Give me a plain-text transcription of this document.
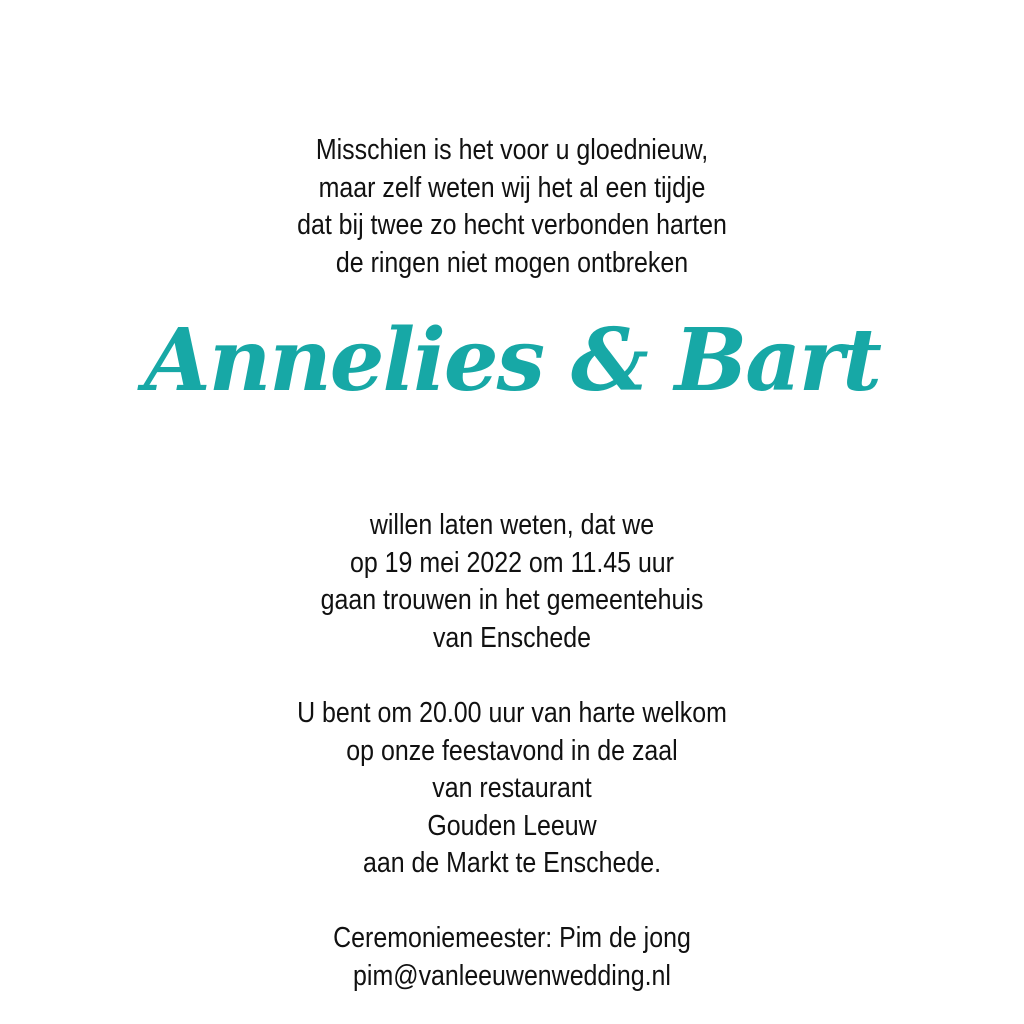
Misschien is het voor u gloednieuw,
maar zelf weten wij het al een tijdje
dat bij twee zo hecht verbonden harten
de ringen niet mogen ontbreken
Annelies & Bart
willen laten weten, dat we
op 19 mei 2022 om 11.45 uur
gaan trouwen in het gemeentehuis
van Enschede
U bent om 20.00 uur van harte welkom
op onze feestavond in de zaal
van restaurant
Gouden Leeuw
aan de Markt te Enschede.
Ceremoniemeester: Pim de jong
pim@vanleeuwenwedding.nl
